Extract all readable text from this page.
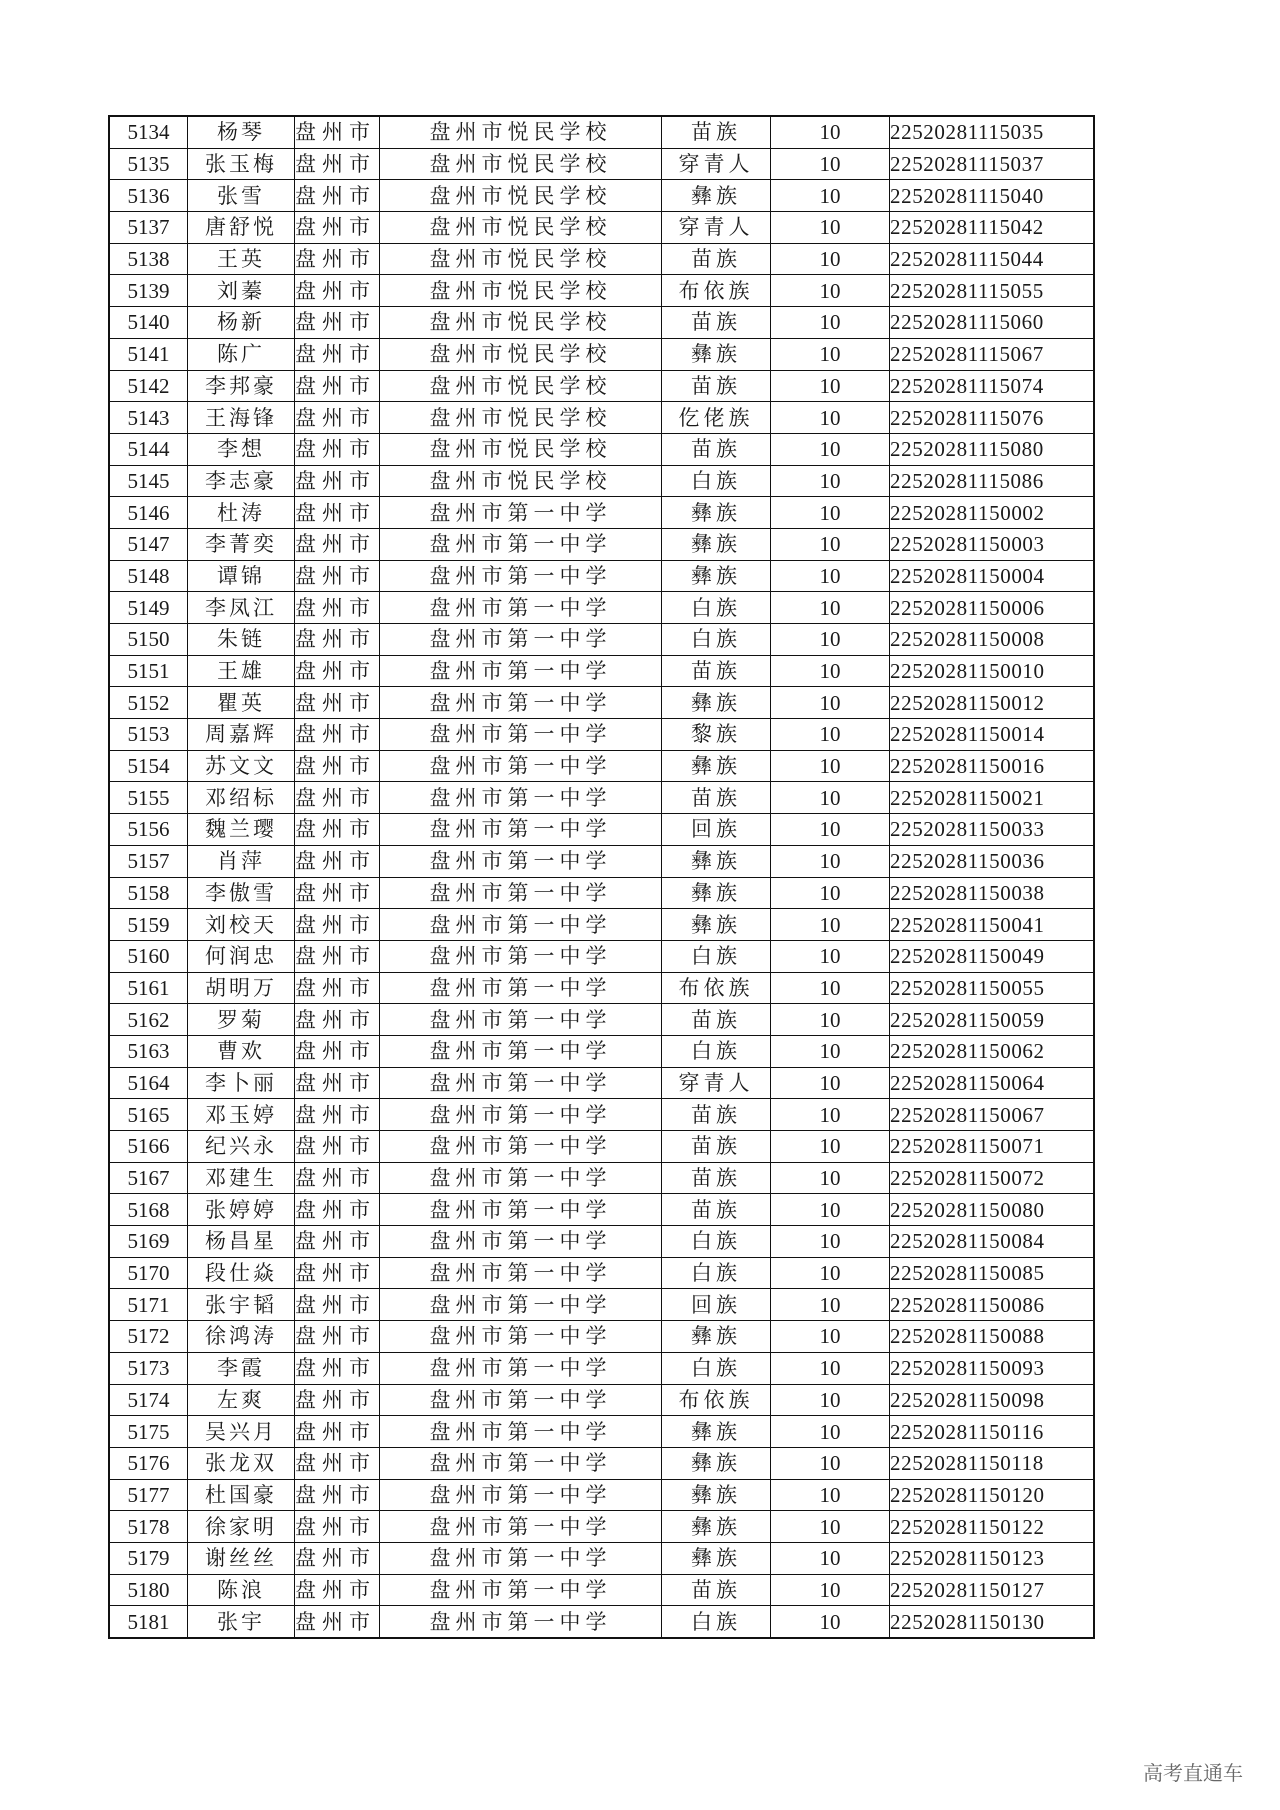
5134	杨琴	盘州市	盘州市悦民学校	苗族	10	22520281115035
5135	张玉梅	盘州市	盘州市悦民学校	穿青人	10	22520281115037
5136	张雪	盘州市	盘州市悦民学校	彝族	10	22520281115040
5137	唐舒悦	盘州市	盘州市悦民学校	穿青人	10	22520281115042
5138	王英	盘州市	盘州市悦民学校	苗族	10	22520281115044
5139	刘蓁	盘州市	盘州市悦民学校	布依族	10	22520281115055
5140	杨新	盘州市	盘州市悦民学校	苗族	10	22520281115060
5141	陈广	盘州市	盘州市悦民学校	彝族	10	22520281115067
5142	李邦豪	盘州市	盘州市悦民学校	苗族	10	22520281115074
5143	王海锋	盘州市	盘州市悦民学校	仡佬族	10	22520281115076
5144	李想	盘州市	盘州市悦民学校	苗族	10	22520281115080
5145	李志豪	盘州市	盘州市悦民学校	白族	10	22520281115086
5146	杜涛	盘州市	盘州市第一中学	彝族	10	22520281150002
5147	李菁奕	盘州市	盘州市第一中学	彝族	10	22520281150003
5148	谭锦	盘州市	盘州市第一中学	彝族	10	22520281150004
5149	李凤江	盘州市	盘州市第一中学	白族	10	22520281150006
5150	朱链	盘州市	盘州市第一中学	白族	10	22520281150008
5151	王雄	盘州市	盘州市第一中学	苗族	10	22520281150010
5152	瞿英	盘州市	盘州市第一中学	彝族	10	22520281150012
5153	周嘉辉	盘州市	盘州市第一中学	黎族	10	22520281150014
5154	苏文文	盘州市	盘州市第一中学	彝族	10	22520281150016
5155	邓绍标	盘州市	盘州市第一中学	苗族	10	22520281150021
5156	魏兰璎	盘州市	盘州市第一中学	回族	10	22520281150033
5157	肖萍	盘州市	盘州市第一中学	彝族	10	22520281150036
5158	李傲雪	盘州市	盘州市第一中学	彝族	10	22520281150038
5159	刘校天	盘州市	盘州市第一中学	彝族	10	22520281150041
5160	何润忠	盘州市	盘州市第一中学	白族	10	22520281150049
5161	胡明万	盘州市	盘州市第一中学	布依族	10	22520281150055
5162	罗菊	盘州市	盘州市第一中学	苗族	10	22520281150059
5163	曹欢	盘州市	盘州市第一中学	白族	10	22520281150062
5164	李卜丽	盘州市	盘州市第一中学	穿青人	10	22520281150064
5165	邓玉婷	盘州市	盘州市第一中学	苗族	10	22520281150067
5166	纪兴永	盘州市	盘州市第一中学	苗族	10	22520281150071
5167	邓建生	盘州市	盘州市第一中学	苗族	10	22520281150072
5168	张婷婷	盘州市	盘州市第一中学	苗族	10	22520281150080
5169	杨昌星	盘州市	盘州市第一中学	白族	10	22520281150084
5170	段仕焱	盘州市	盘州市第一中学	白族	10	22520281150085
5171	张宇韬	盘州市	盘州市第一中学	回族	10	22520281150086
5172	徐鸿涛	盘州市	盘州市第一中学	彝族	10	22520281150088
5173	李霞	盘州市	盘州市第一中学	白族	10	22520281150093
5174	左爽	盘州市	盘州市第一中学	布依族	10	22520281150098
5175	吴兴月	盘州市	盘州市第一中学	彝族	10	22520281150116
5176	张龙双	盘州市	盘州市第一中学	彝族	10	22520281150118
5177	杜国豪	盘州市	盘州市第一中学	彝族	10	22520281150120
5178	徐家明	盘州市	盘州市第一中学	彝族	10	22520281150122
5179	谢丝丝	盘州市	盘州市第一中学	彝族	10	22520281150123
5180	陈浪	盘州市	盘州市第一中学	苗族	10	22520281150127
5181	张宇	盘州市	盘州市第一中学	白族	10	22520281150130
高考直通车
